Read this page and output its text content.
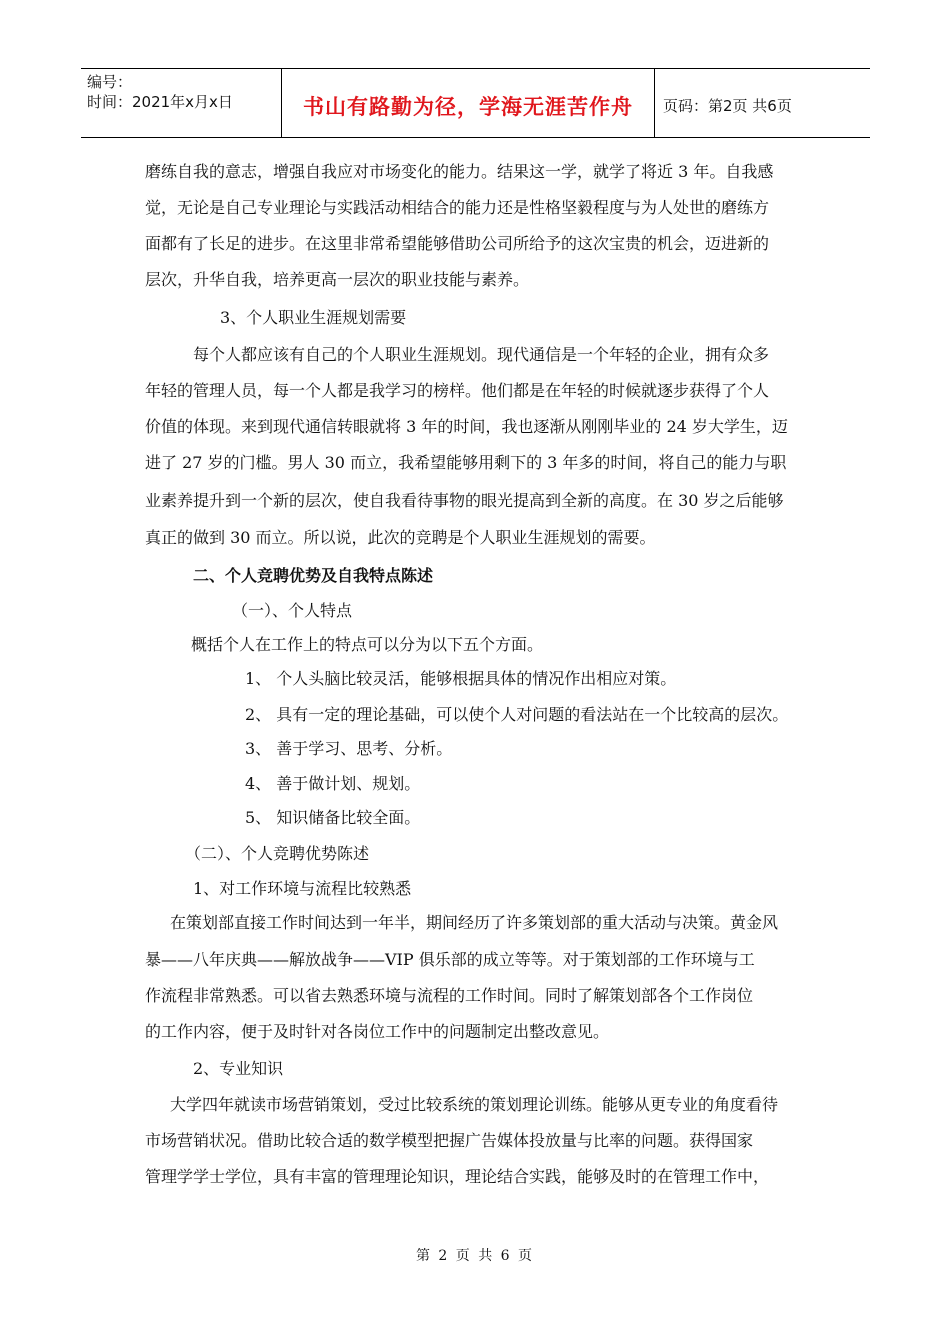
编号：
时间：2021年x月x日	书山有路勤为径，学海无涯苦作舟	页码：第2页 共6页
磨练自我的意志，增强自我应对市场变化的能力。结果这一学，就学了将近 3 年。自我感
觉，无论是自己专业理论与实践活动相结合的能力还是性格坚毅程度与为人处世的磨练方
面都有了长足的进步。在这里非常希望能够借助公司所给予的这次宝贵的机会，迈进新的
层次，升华自我，培养更高一层次的职业技能与素养。
3、个人职业生涯规划需要
每个人都应该有自己的个人职业生涯规划。现代通信是一个年轻的企业，拥有众多
年轻的管理人员，每一个人都是我学习的榜样。他们都是在年轻的时候就逐步获得了个人
价值的体现。来到现代通信转眼就将 3 年的时间，我也逐渐从刚刚毕业的 24 岁大学生，迈
进了 27 岁的门槛。男人 30 而立，我希望能够用剩下的 3 年多的时间，将自己的能力与职
业素养提升到一个新的层次，使自我看待事物的眼光提高到全新的高度。在 30 岁之后能够
真正的做到 30 而立。所以说，此次的竞聘是个人职业生涯规划的需要。
二、个人竞聘优势及自我特点陈述
（一）、个人特点
概括个人在工作上的特点可以分为以下五个方面。
1、 个人头脑比较灵活，能够根据具体的情况作出相应对策。
2、 具有一定的理论基础，可以使个人对问题的看法站在一个比较高的层次。
3、 善于学习、思考、分析。
4、 善于做计划、规划。
5、 知识储备比较全面。
（二）、个人竞聘优势陈述
1、对工作环境与流程比较熟悉
在策划部直接工作时间达到一年半，期间经历了许多策划部的重大活动与决策。黄金风
暴——八年庆典——解放战争——VIP 俱乐部的成立等等。对于策划部的工作环境与工
作流程非常熟悉。可以省去熟悉环境与流程的工作时间。同时了解策划部各个工作岗位
的工作内容，便于及时针对各岗位工作中的问题制定出整改意见。
2、专业知识
大学四年就读市场营销策划，受过比较系统的策划理论训练。能够从更专业的角度看待
市场营销状况。借助比较合适的数学模型把握广告媒体投放量与比率的问题。获得国家
管理学学士学位，具有丰富的管理理论知识，理论结合实践，能够及时的在管理工作中，
第 2 页 共 6 页
